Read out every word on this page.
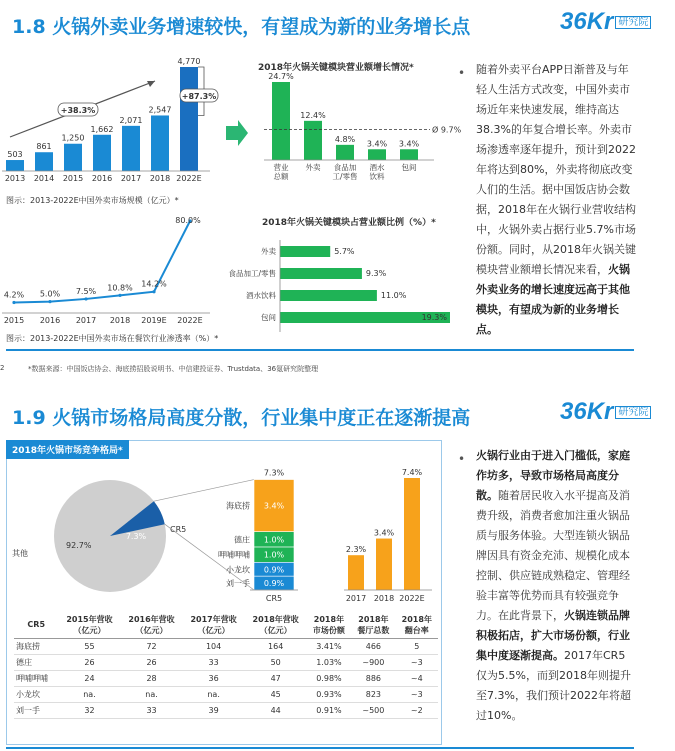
1.8 火锅外卖业务增速较快，有望成为新的业务增长点	36Kr $^{研究院}$
503
2013
861
2014
1,250
2015
1,662
2016
2,071
2017
2,547
2018
4,770
2022E
+38.3%
+87.3%
图示：2013-2022E中国外卖市场规模（亿元）*
4.2%
2015
5.0%
2016
7.5%
2017
10.8%
2018
14.2%
2019E
80.0%
2022E
图示：2013-2022E中国外卖市场在餐饮行业渗透率（%）*
2018年火锅关键模块营业额增长情况*
24.7%
营业
总额
12.4%
外卖
4.8%
食品加
工/零售
3.4%
酒水
饮料
3.4%
包间
Ø 9.7%
2018年火锅关键模块占营业额比例（%）*
外卖	5.7%
食品加工/零售	9.3%
酒水饮料	11.0%
包间	19.3%
• 随着外卖平台APP日渐普及与年轻人生活方式改变，中国外卖市场近年来快速发展，维持高达38.3%的年复合增长率。外卖市场渗透率逐年提升，预计到2022年将达到80%，外卖将彻底改变人们的生活。据中国饭店协会数据，2018年在火锅行业营收结构中，火锅外卖占据行业5.7%市场份额。同时，从2018年火锅关键模块营业额增长情况来看，火锅外卖业务的增长速度远高于其他模块，有望成为新的业务增长点。
2	*数据来源：中国饭店协会、海底捞招股说明书、中信建投证券、Trustdata、36氪研究院整理
1.9 火锅市场格局高度分散，行业集中度正在逐渐提高	36Kr $^{研究院}$
2018年火锅市场竞争格局*
7.3%
92.7%
CR5
其他
3.4%
海底捞
1.0%
德庄
1.0%
呷哺呷哺
0.9%
小龙坎
0.9%
刘一手
7.3%
CR5
2.3%
2017
3.4%
2018
7.4%
2022E
CR5	2015年营收
（亿元）	2016年营收
（亿元）	2017年营收
（亿元）	2018年营收
（亿元）	2018年
市场份额	2018年
餐厅总数	2018年
翻台率
海底捞	55	72	104	164	3.41%	466	5
德庄	26	26	33	50	1.03%	~900	~3
呷哺呷哺	24	28	36	47	0.98%	886	~4
小龙坎	na.	na.	na.	45	0.93%	823	~3
刘一手	32	33	39	44	0.91%	~500	~2
• 火锅行业由于进入门槛低，家庭作坊多，导致市场格局高度分散。随着居民收入水平提高及消费升级，消费者愈加注重火锅品质与服务体验。大型连锁火锅品牌因具有资金充沛、规模化成本控制、供应链成熟稳定、管理经验丰富等优势而具有较强竞争力。在此背景下，火锅连锁品牌积极拓店，扩大市场份额，行业集中度逐渐提高。2017年CR5仅为5.5%，而到2018年则提升至7.3%，我们预计2022年将超过10%。
